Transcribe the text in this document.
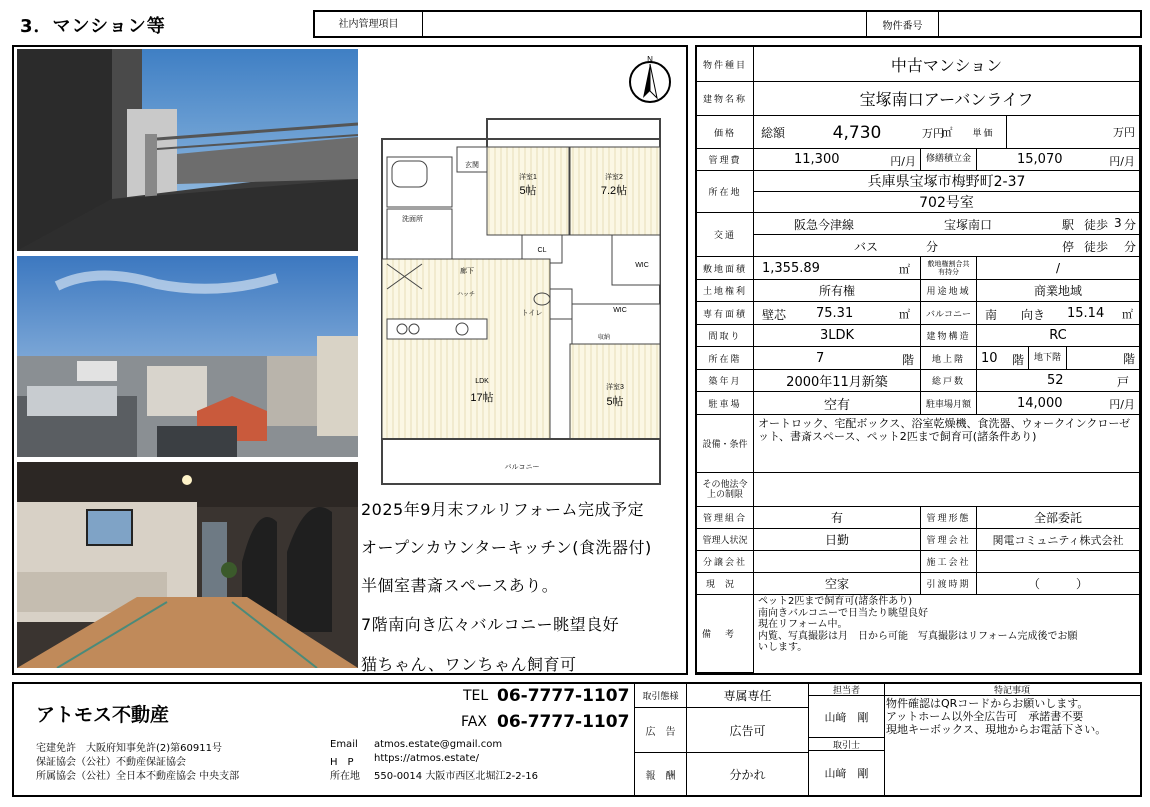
3．マンション等	社内管理項目	物件番号
N
玄関
洋室1
5帖
洋室2
7.2帖
洗面所
CL
WIC
WIC
廊下
トイレ
ハッチ
収納
LDK
17帖
洋室3
5帖
バルコニー
2025年9月末フルリフォーム完成予定
オープンカウンターキッチン(食洗器付)
半個室書斎スペースあり。
7階南向き広々バルコニー眺望良好
猫ちゃん、ワンちゃん飼育可
物件種目	中古マンション
建物名称	宝塚南口アーバンライフ
価格	総額	4,730	万円
㎡	単価	万円
管理費	11,300	円/月	修繕積立金	15,070	円/月
所在地
兵庫県宝塚市梅野町2-37
702号室
交通
阪急今津線	宝塚南口	駅 徒歩 3 分
バス	分	停 徒歩 分
敷地面積	1,355.89	㎡	敷地権割合共有持分	/
土地権利	所有権	用途地域	商業地域
専有面積	壁芯 75.31	㎡	バルコニー	南 向き 15.14 ㎡
間取り	3LDK	建物構造	RC
所在階	7	階	地上階	10 階	地下階	階
築年月	2000年11月新築	総戸数	52	戸
駐車場	空有	駐車場月額	14,000	円/月
設備・条件
オートロック、宅配ボックス、浴室乾燥機、食洗器、ウォークインクローゼット、書斎スペース、ペット2匹まで飼育可(諸条件あり)
その他法令上の制限
管理組合	有	管理形態	全部委託
管理人状況	日勤	管理会社	関電コミュニティ株式会社
分譲会社	施工会社
現況	空家	引渡時期	（　　　）
備考
ペット2匹まで飼育可(諸条件あり)
南向きバルコニーで日当たり眺望良好
現在リフォーム中。
内覧、写真撮影は月　日から可能　写真撮影はリフォーム完成後でお願
いします。
アトモス不動産
TEL 06-7777-1107
FAX 06-7777-1107
宅建免許　大阪府知事免許(2)第60911号
保証協会（公社）不動産保証協会
所属協会（公社）全日本不動産協会 中央支部
Email atmos.estate@gmail.com
H　P https://atmos.estate/
所在地 550-0014 大阪市西区北堀江2-2-16
取引態様	専属専任
広　告	広告可
報　酬	分かれ
担当者
山﨑　剛
取引士
山﨑　剛
特記事項
物件確認はQRコードからお願いします。
アットホーム以外全広告可　承諾書不要
現地キーボックス、現地からお電話下さい。
